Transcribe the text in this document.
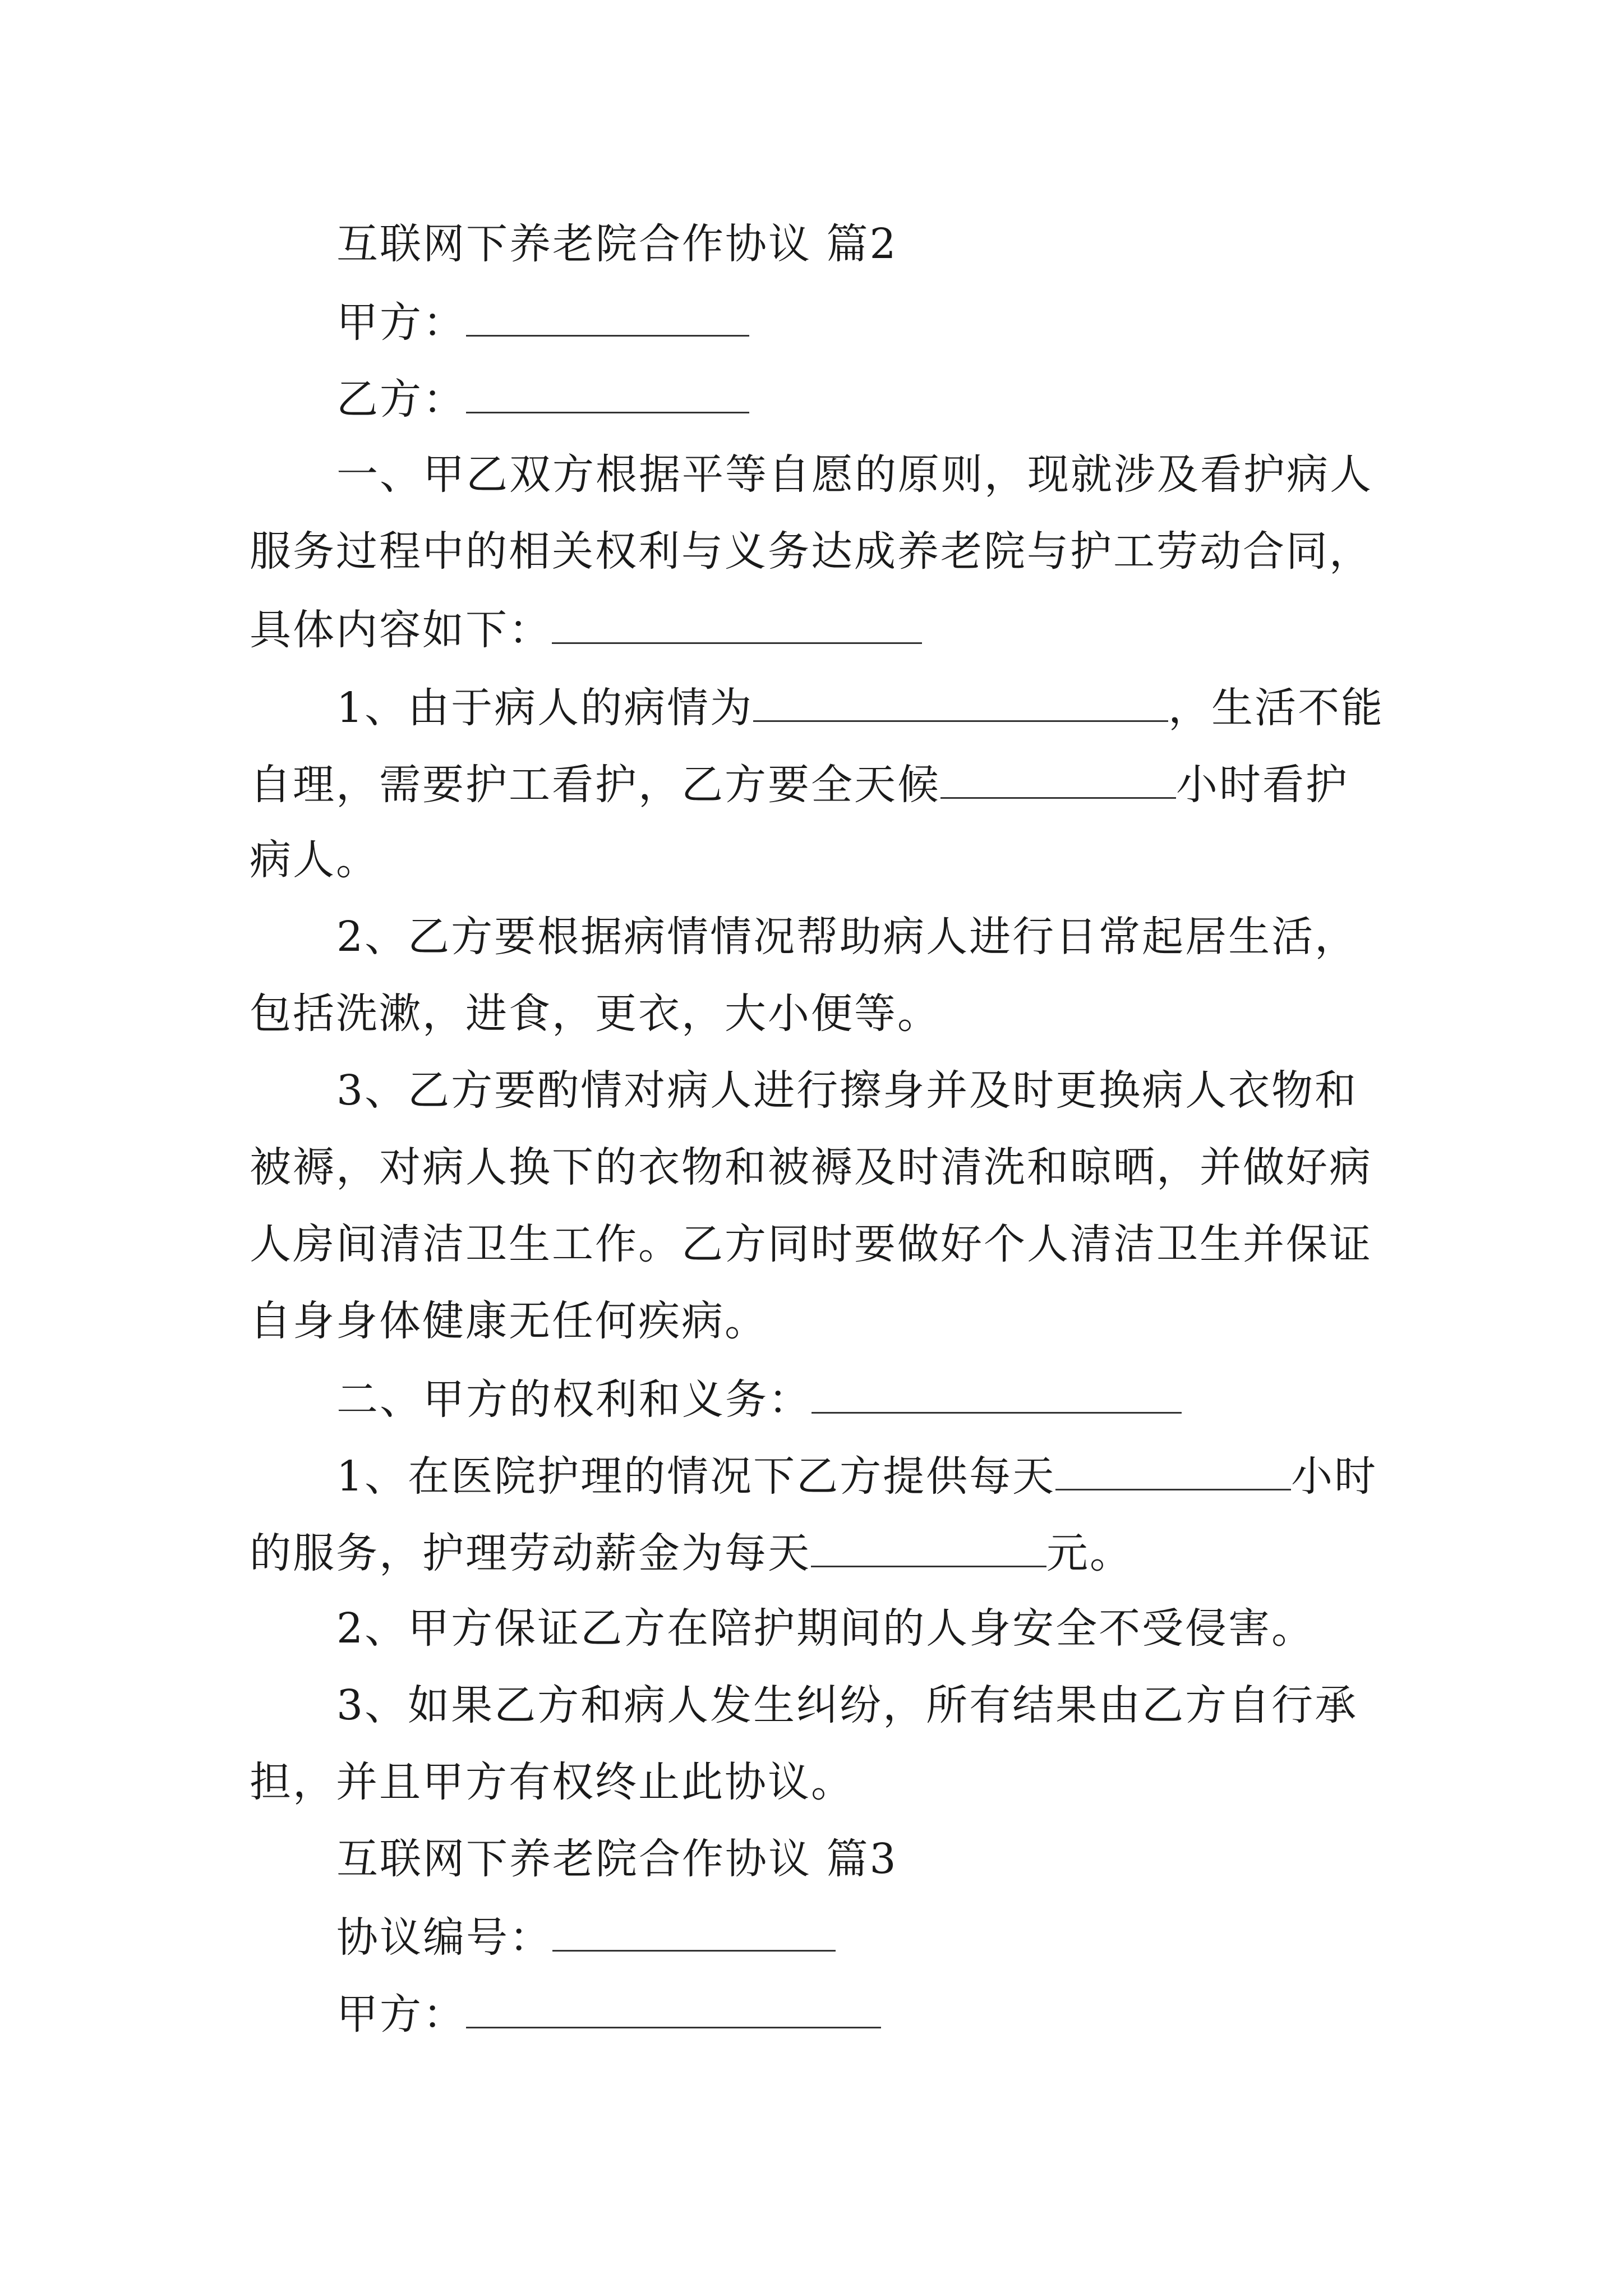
互联网下养老院合作协议 篇2
甲方：
乙方：
一、甲乙双方根据平等自愿的原则，现就涉及看护病人
服务过程中的相关权利与义务达成养老院与护工劳动合同，
具体内容如下：
1、由于病人的病情为	，生活不能
自理，需要护工看护，乙方要全天候	小时看护
病人。
2、乙方要根据病情情况帮助病人进行日常起居生活，
包括洗漱，进食，更衣，大小便等。
3、乙方要酌情对病人进行擦身并及时更换病人衣物和
被褥，对病人换下的衣物和被褥及时清洗和晾晒，并做好病
人房间清洁卫生工作。乙方同时要做好个人清洁卫生并保证
自身身体健康无任何疾病。
二、甲方的权利和义务：
1、在医院护理的情况下乙方提供每天	小时
的服务，护理劳动薪金为每天	元。
2、甲方保证乙方在陪护期间的人身安全不受侵害。
3、如果乙方和病人发生纠纷，所有结果由乙方自行承
担，并且甲方有权终止此协议。
互联网下养老院合作协议 篇3
协议编号：
甲方：
